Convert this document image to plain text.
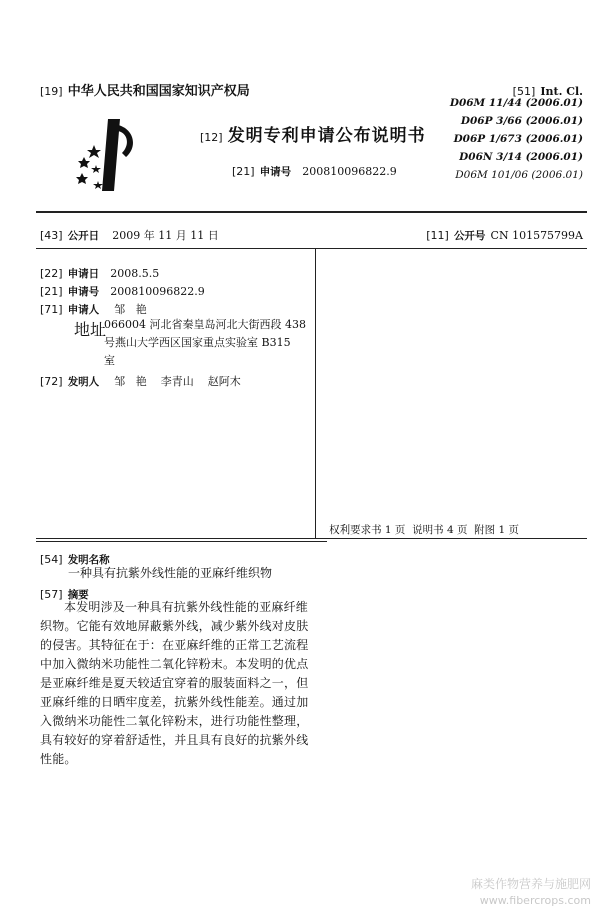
[19] 中华人民共和国国家知识产权局
[12] 发明专利申请公布说明书
[21] 申请号 200810096822.9
[51] Int. Cl.
D06M 11/44 (2006.01)
D06P 3/66 (2006.01)
D06P 1/673 (2006.01)
D06N 3/14 (2006.01)
D06M 101/06 (2006.01)
[43] 公开日 2009 年 11 月 11 日	[11] 公开号 CN 101575799A
[22] 申请日 2008.5.5
[21] 申请号 200810096822.9
[71] 申请人 邹   艳
地址
066004 河北省秦皇岛河北大街西段 438
号燕山大学西区国家重点实验室 B315
室
[72] 发明人 邹   艳    李青山    赵阿木
权利要求书 1 页  说明书 4 页  附图 1 页
[54] 发明名称
一种具有抗紫外线性能的亚麻纤维织物
[57] 摘要

本发明涉及一种具有抗紫外线性能的亚麻纤维

织物。它能有效地屏蔽紫外线，减少紫外线对皮肤

的侵害。其特征在于：在亚麻纤维的正常工艺流程

中加入微纳米功能性二氧化锌粉末。本发明的优点

是亚麻纤维是夏天较适宜穿着的服装面料之一，但

亚麻纤维的日晒牢度差，抗紫外线性能差。通过加

入微纳米功能性二氧化锌粉末，进行功能性整理，

具有较好的穿着舒适性，并且具有良好的抗紫外线

性能。

麻类作物营养与施肥网
www.fibercrops.com
